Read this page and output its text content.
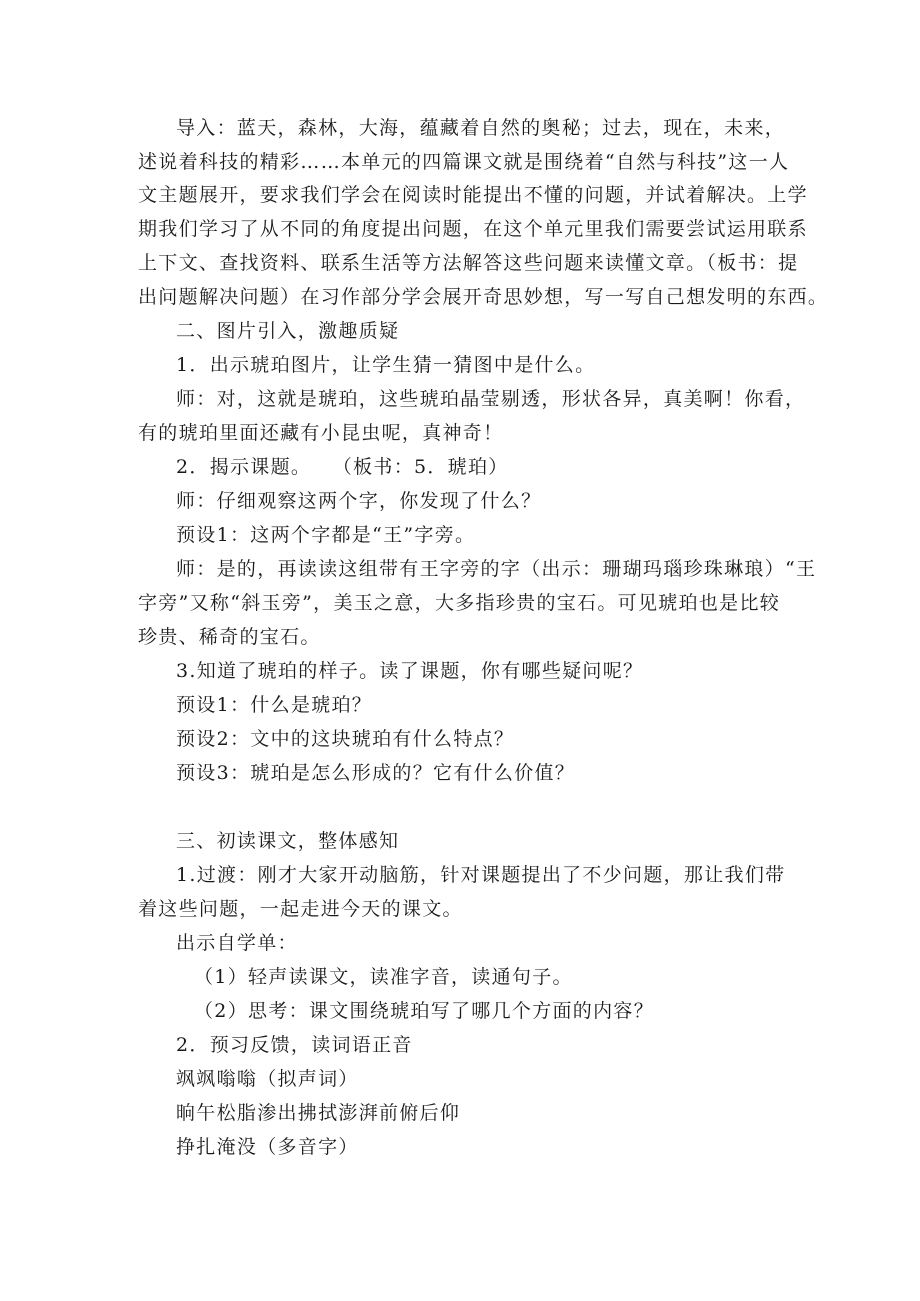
导入：蓝天，森林，大海，蕴藏着自然的奥秘；过去，现在，未来，
述说着科技的精彩……本单元的四篇课文就是围绕着“自然与科技”这一人
文主题展开，要求我们学会在阅读时能提出不懂的问题，并试着解决。上学
期我们学习了从不同的角度提出问题，在这个单元里我们需要尝试运用联系
上下文、查找资料、联系生活等方法解答这些问题来读懂文章。（板书：提
出问题解决问题）在习作部分学会展开奇思妙想，写一写自己想发明的东西。
二、图片引入，激趣质疑
1．出示琥珀图片，让学生猜一猜图中是什么。
师：对，这就是琥珀，这些琥珀晶莹剔透，形状各异，真美啊！你看，
有的琥珀里面还藏有小昆虫呢，真神奇！
2．揭示课题。　　（板书：5．琥珀）
师：仔细观察这两个字，你发现了什么？
预设1：这两个字都是“王”字旁。
师：是的，再读读这组带有王字旁的字（出示：珊瑚玛瑙珍珠琳琅）“王
字旁”又称“斜玉旁”，美玉之意，大多指珍贵的宝石。可见琥珀也是比较
珍贵、稀奇的宝石。
3.知道了琥珀的样子。读了课题，你有哪些疑问呢？
预设1：什么是琥珀？
预设2：文中的这块琥珀有什么特点？
预设3：琥珀是怎么形成的？它有什么价值？
三、初读课文，整体感知
1.过渡：刚才大家开动脑筋，针对课题提出了不少问题，那让我们带
着这些问题，一起走进今天的课文。
出示自学单：
（1）轻声读课文，读准字音，读通句子。
（2）思考：课文围绕琥珀写了哪几个方面的内容？
2．预习反馈，读词语正音
飒飒嗡嗡（拟声词）
晌午松脂渗出拂拭澎湃前俯后仰
挣扎淹没（多音字）
